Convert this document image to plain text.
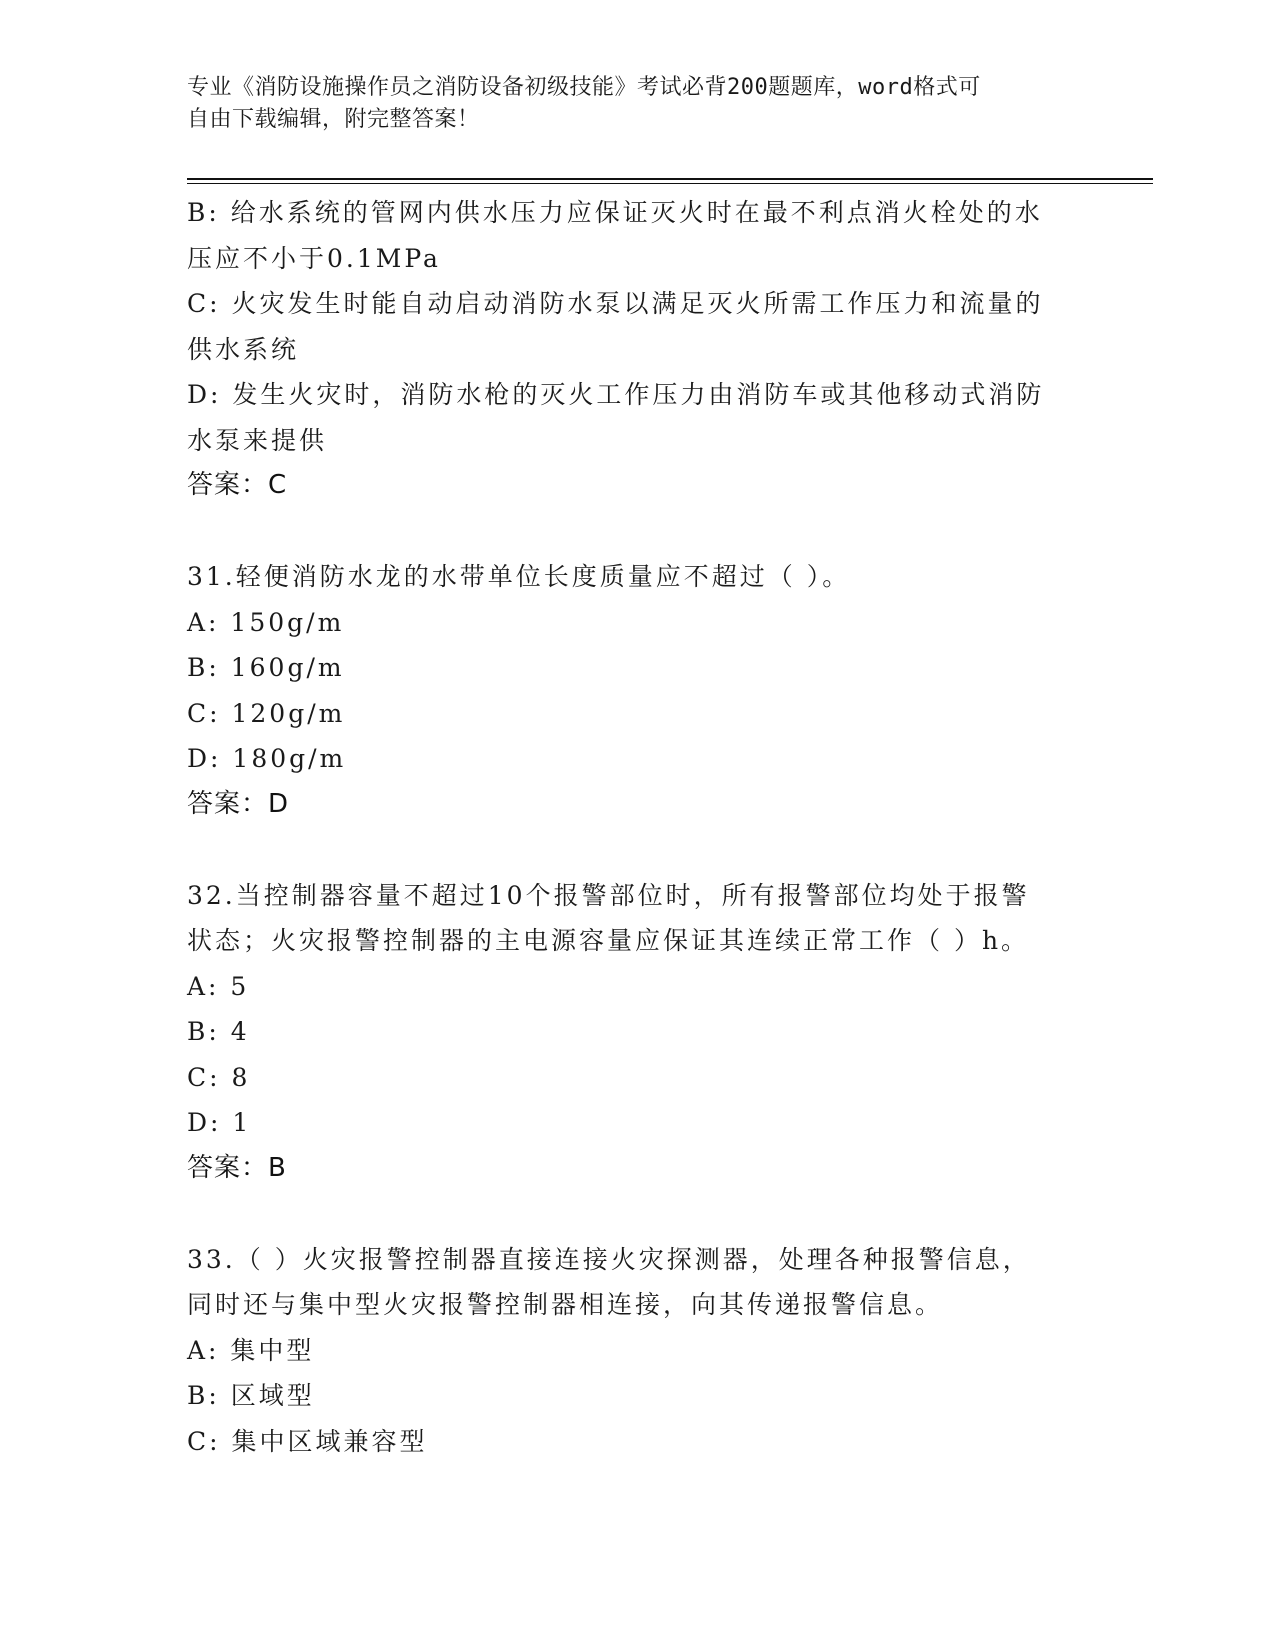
专业《消防设施操作员之消防设备初级技能》考试必背200题题库，word格式可
自由下载编辑，附完整答案！
B: 给水系统的管网内供水压力应保证灭火时在最不利点消火栓处的水
压应不小于0.1MPa
C: 火灾发生时能自动启动消防水泵以满足灭火所需工作压力和流量的
供水系统
D: 发生火灾时，消防水枪的灭火工作压力由消防车或其他移动式消防
水泵来提供
答案：C
31.轻便消防水龙的水带单位长度质量应不超过（ ）。
A: 150g/m
B: 160g/m
C: 120g/m
D: 180g/m
答案：D
32.当控制器容量不超过10个报警部位时，所有报警部位均处于报警
状态；火灾报警控制器的主电源容量应保证其连续正常工作（ ）h。
A: 5
B: 4
C: 8
D: 1
答案：B
33.（ ）火灾报警控制器直接连接火灾探测器，处理各种报警信息，
同时还与集中型火灾报警控制器相连接，向其传递报警信息。
A: 集中型
B: 区域型
C: 集中区域兼容型
